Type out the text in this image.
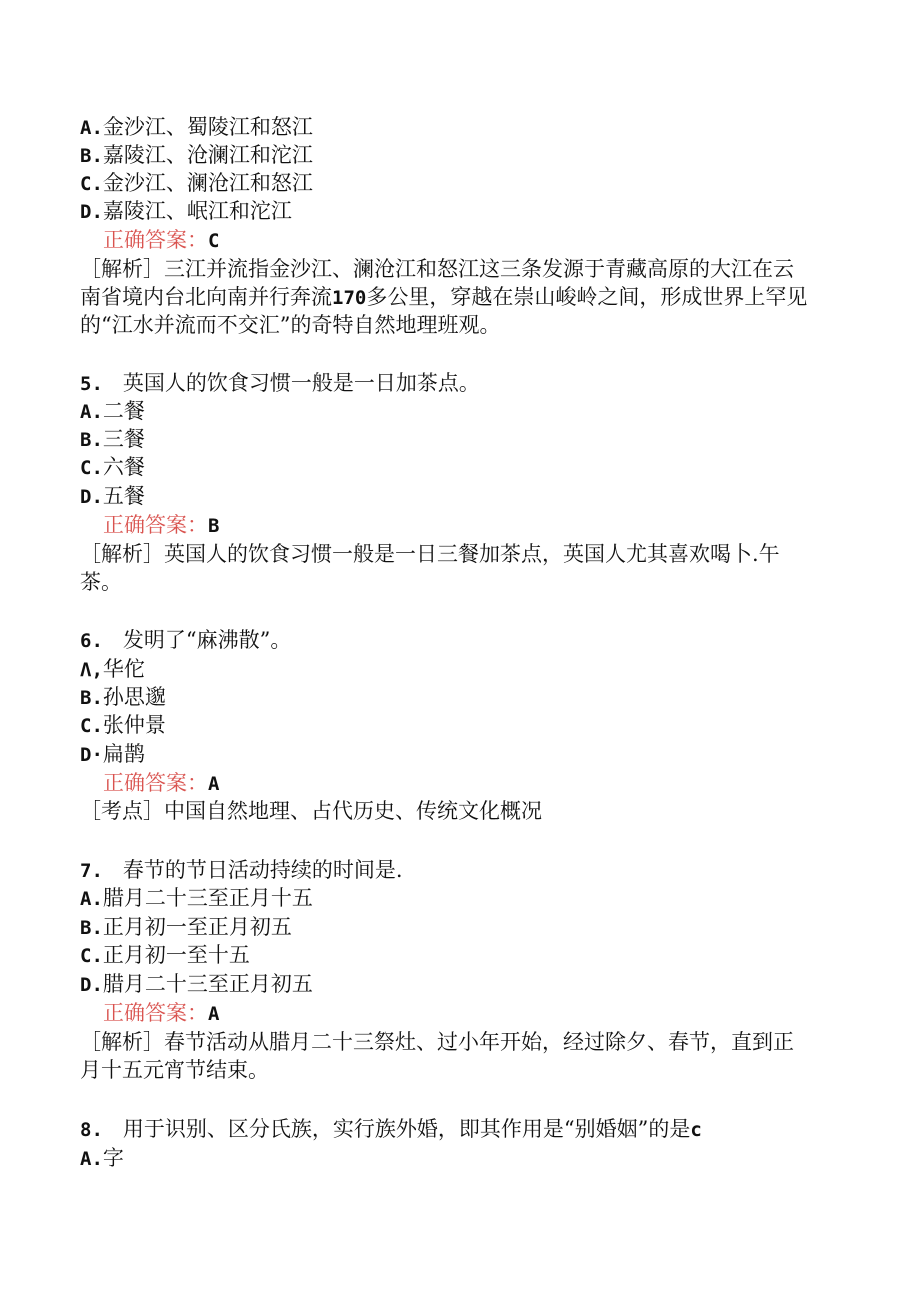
A.金沙江、蜀陵江和怒江
B.嘉陵江、沧澜江和沱江
C.金沙江、澜沧江和怒江
D.嘉陵江、岷江和沱江
正确答案：C
［解析］三江并流指金沙江、澜沧江和怒江这三条发源于青藏高原的大江在云
南省境内台北向南并行奔流170多公里，穿越在崇山峻岭之间，形成世界上罕见
的“江水并流而不交汇”的奇特自然地理班观。
5. 英国人的饮食习惯一般是一日加茶点。
A.二餐
B.三餐
C.六餐
D.五餐
正确答案：B
［解析］英国人的饮食习惯一般是一日三餐加茶点，英国人尤其喜欢喝卜.午
茶。
6. 发明了“麻沸散”。
Λ,华佗
B.孙思邈
C.张仲景
D·扁鹊
正确答案：A
［考点］中国自然地理、占代历史、传统文化概况
7. 春节的节日活动持续的时间是.
A.腊月二十三至正月十五
B.正月初一至正月初五
C.正月初一至十五
D.腊月二十三至正月初五
正确答案：A
［解析］春节活动从腊月二十三祭灶、过小年开始，经过除夕、春节，直到正
月十五元宵节结束。
8. 用于识别、区分氏族，实行族外婚，即其作用是“别婚姻”的是c
A.字
